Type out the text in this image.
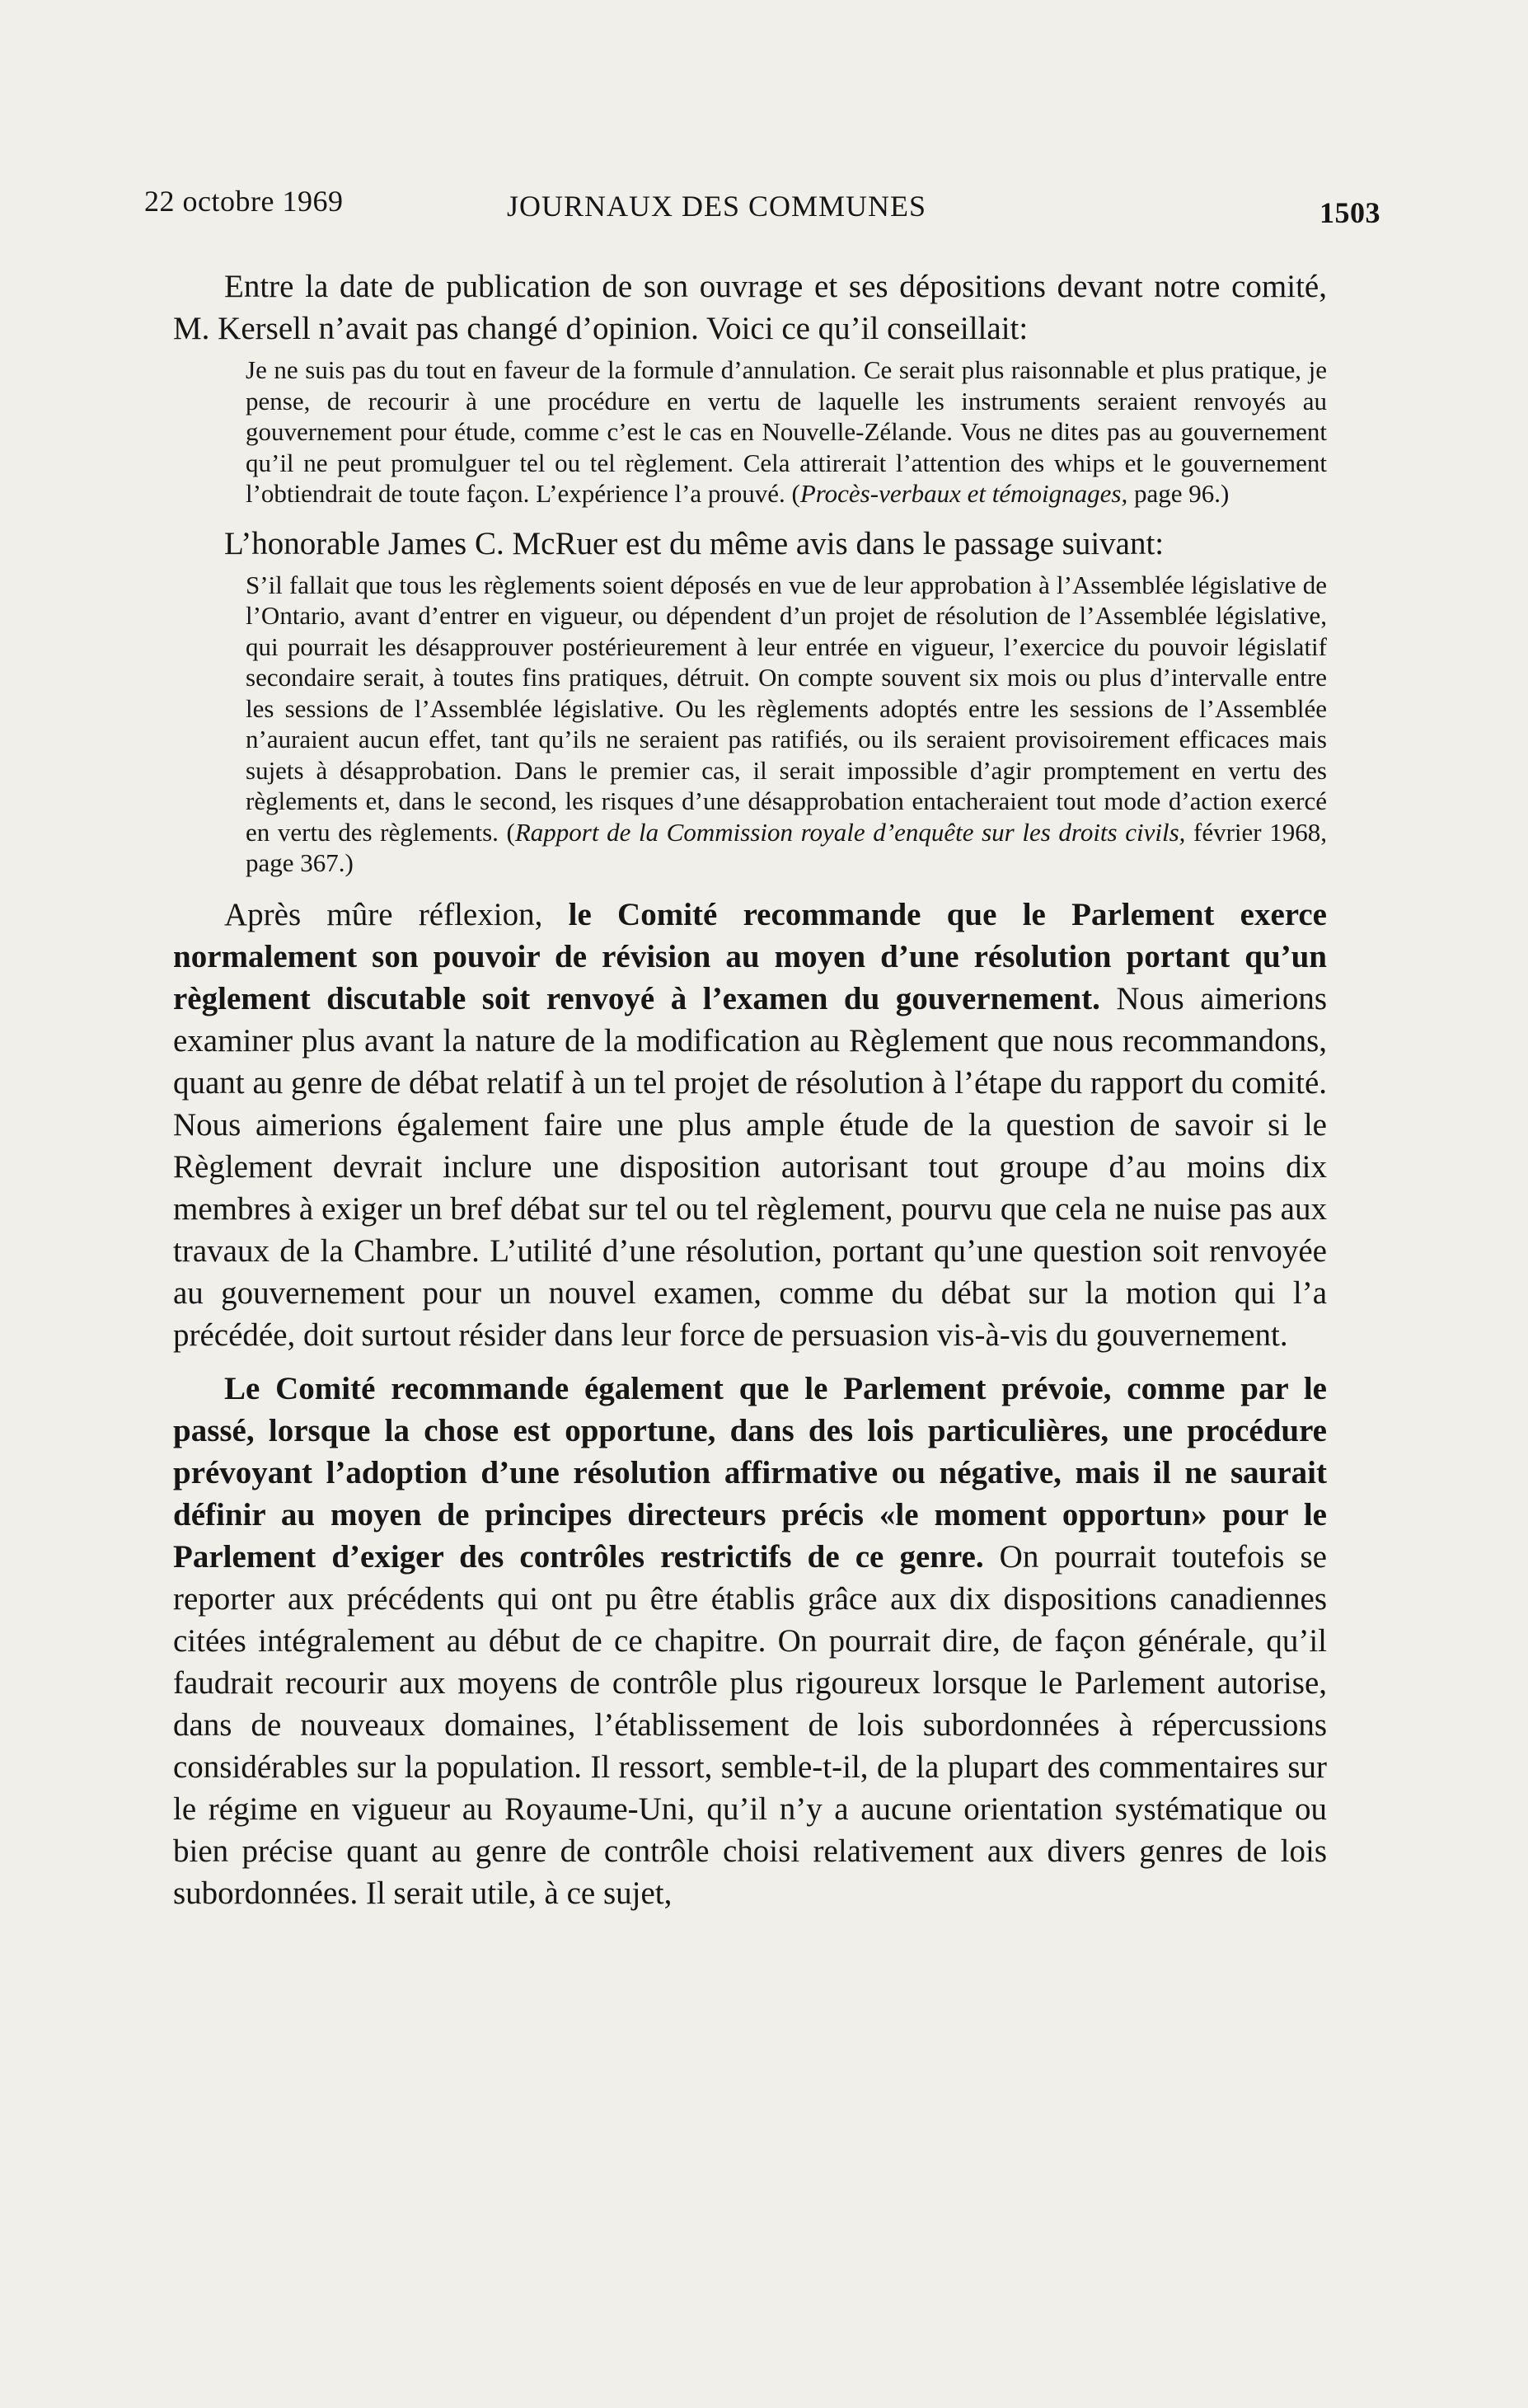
22 octobre 1969	JOURNAUX DES COMMUNES	1503

Entre la date de publication de son ouvrage et ses dépositions devant notre comité, M. Kersell n’avait pas changé d’opinion. Voici ce qu’il conseillait:

Je ne suis pas du tout en faveur de la formule d’annulation. Ce serait plus raisonnable et plus pratique, je pense, de recourir à une procédure en vertu de laquelle les instruments seraient renvoyés au gouvernement pour étude, comme c’est le cas en Nouvelle-Zélande. Vous ne dites pas au gouvernement qu’il ne peut promulguer tel ou tel règlement. Cela attirerait l’attention des whips et le gouvernement l’obtiendrait de toute façon. L’expérience l’a prouvé. (Procès-verbaux et témoignages, page 96.)

L’honorable James C. McRuer est du même avis dans le passage suivant:

S’il fallait que tous les règlements soient déposés en vue de leur approbation à l’Assemblée législative de l’Ontario, avant d’entrer en vigueur, ou dépendent d’un projet de résolution de l’Assemblée législative, qui pourrait les désapprouver postérieurement à leur entrée en vigueur, l’exercice du pouvoir législatif secondaire serait, à toutes fins pratiques, détruit. On compte souvent six mois ou plus d’intervalle entre les sessions de l’Assemblée législative. Ou les règlements adoptés entre les sessions de l’Assemblée n’auraient aucun effet, tant qu’ils ne seraient pas ratifiés, ou ils seraient provisoirement efficaces mais sujets à désapprobation. Dans le premier cas, il serait impossible d’agir promptement en vertu des règlements et, dans le second, les risques d’une désapprobation entacheraient tout mode d’action exercé en vertu des règlements. (Rapport de la Commission royale d’enquête sur les droits civils, février 1968, page 367.)

Après mûre réflexion, le Comité recommande que le Parlement exerce normalement son pouvoir de révision au moyen d’une résolution portant qu’un règlement discutable soit renvoyé à l’examen du gouvernement. Nous aimerions examiner plus avant la nature de la modification au Règlement que nous recommandons, quant au genre de débat relatif à un tel projet de résolution à l’étape du rapport du comité. Nous aimerions également faire une plus ample étude de la question de savoir si le Règlement devrait inclure une disposition autorisant tout groupe d’au moins dix membres à exiger un bref débat sur tel ou tel règlement, pourvu que cela ne nuise pas aux travaux de la Chambre. L’utilité d’une résolution, portant qu’une question soit renvoyée au gouvernement pour un nouvel examen, comme du débat sur la motion qui l’a précédée, doit surtout résider dans leur force de persuasion vis-à-vis du gouvernement.

Le Comité recommande également que le Parlement prévoie, comme par le passé, lorsque la chose est opportune, dans des lois particulières, une procédure prévoyant l’adoption d’une résolution affirmative ou négative, mais il ne saurait définir au moyen de principes directeurs précis «le moment opportun» pour le Parlement d’exiger des contrôles restrictifs de ce genre. On pourrait toutefois se reporter aux précédents qui ont pu être établis grâce aux dix dispositions canadiennes citées intégralement au début de ce chapitre. On pourrait dire, de façon générale, qu’il faudrait recourir aux moyens de contrôle plus rigoureux lorsque le Parlement autorise, dans de nouveaux domaines, l’établissement de lois subordonnées à répercussions considérables sur la population. Il ressort, semble-t-il, de la plupart des commentaires sur le régime en vigueur au Royaume-Uni, qu’il n’y a aucune orientation systématique ou bien précise quant au genre de contrôle choisi relativement aux divers genres de lois subordonnées. Il serait utile, à ce sujet,
